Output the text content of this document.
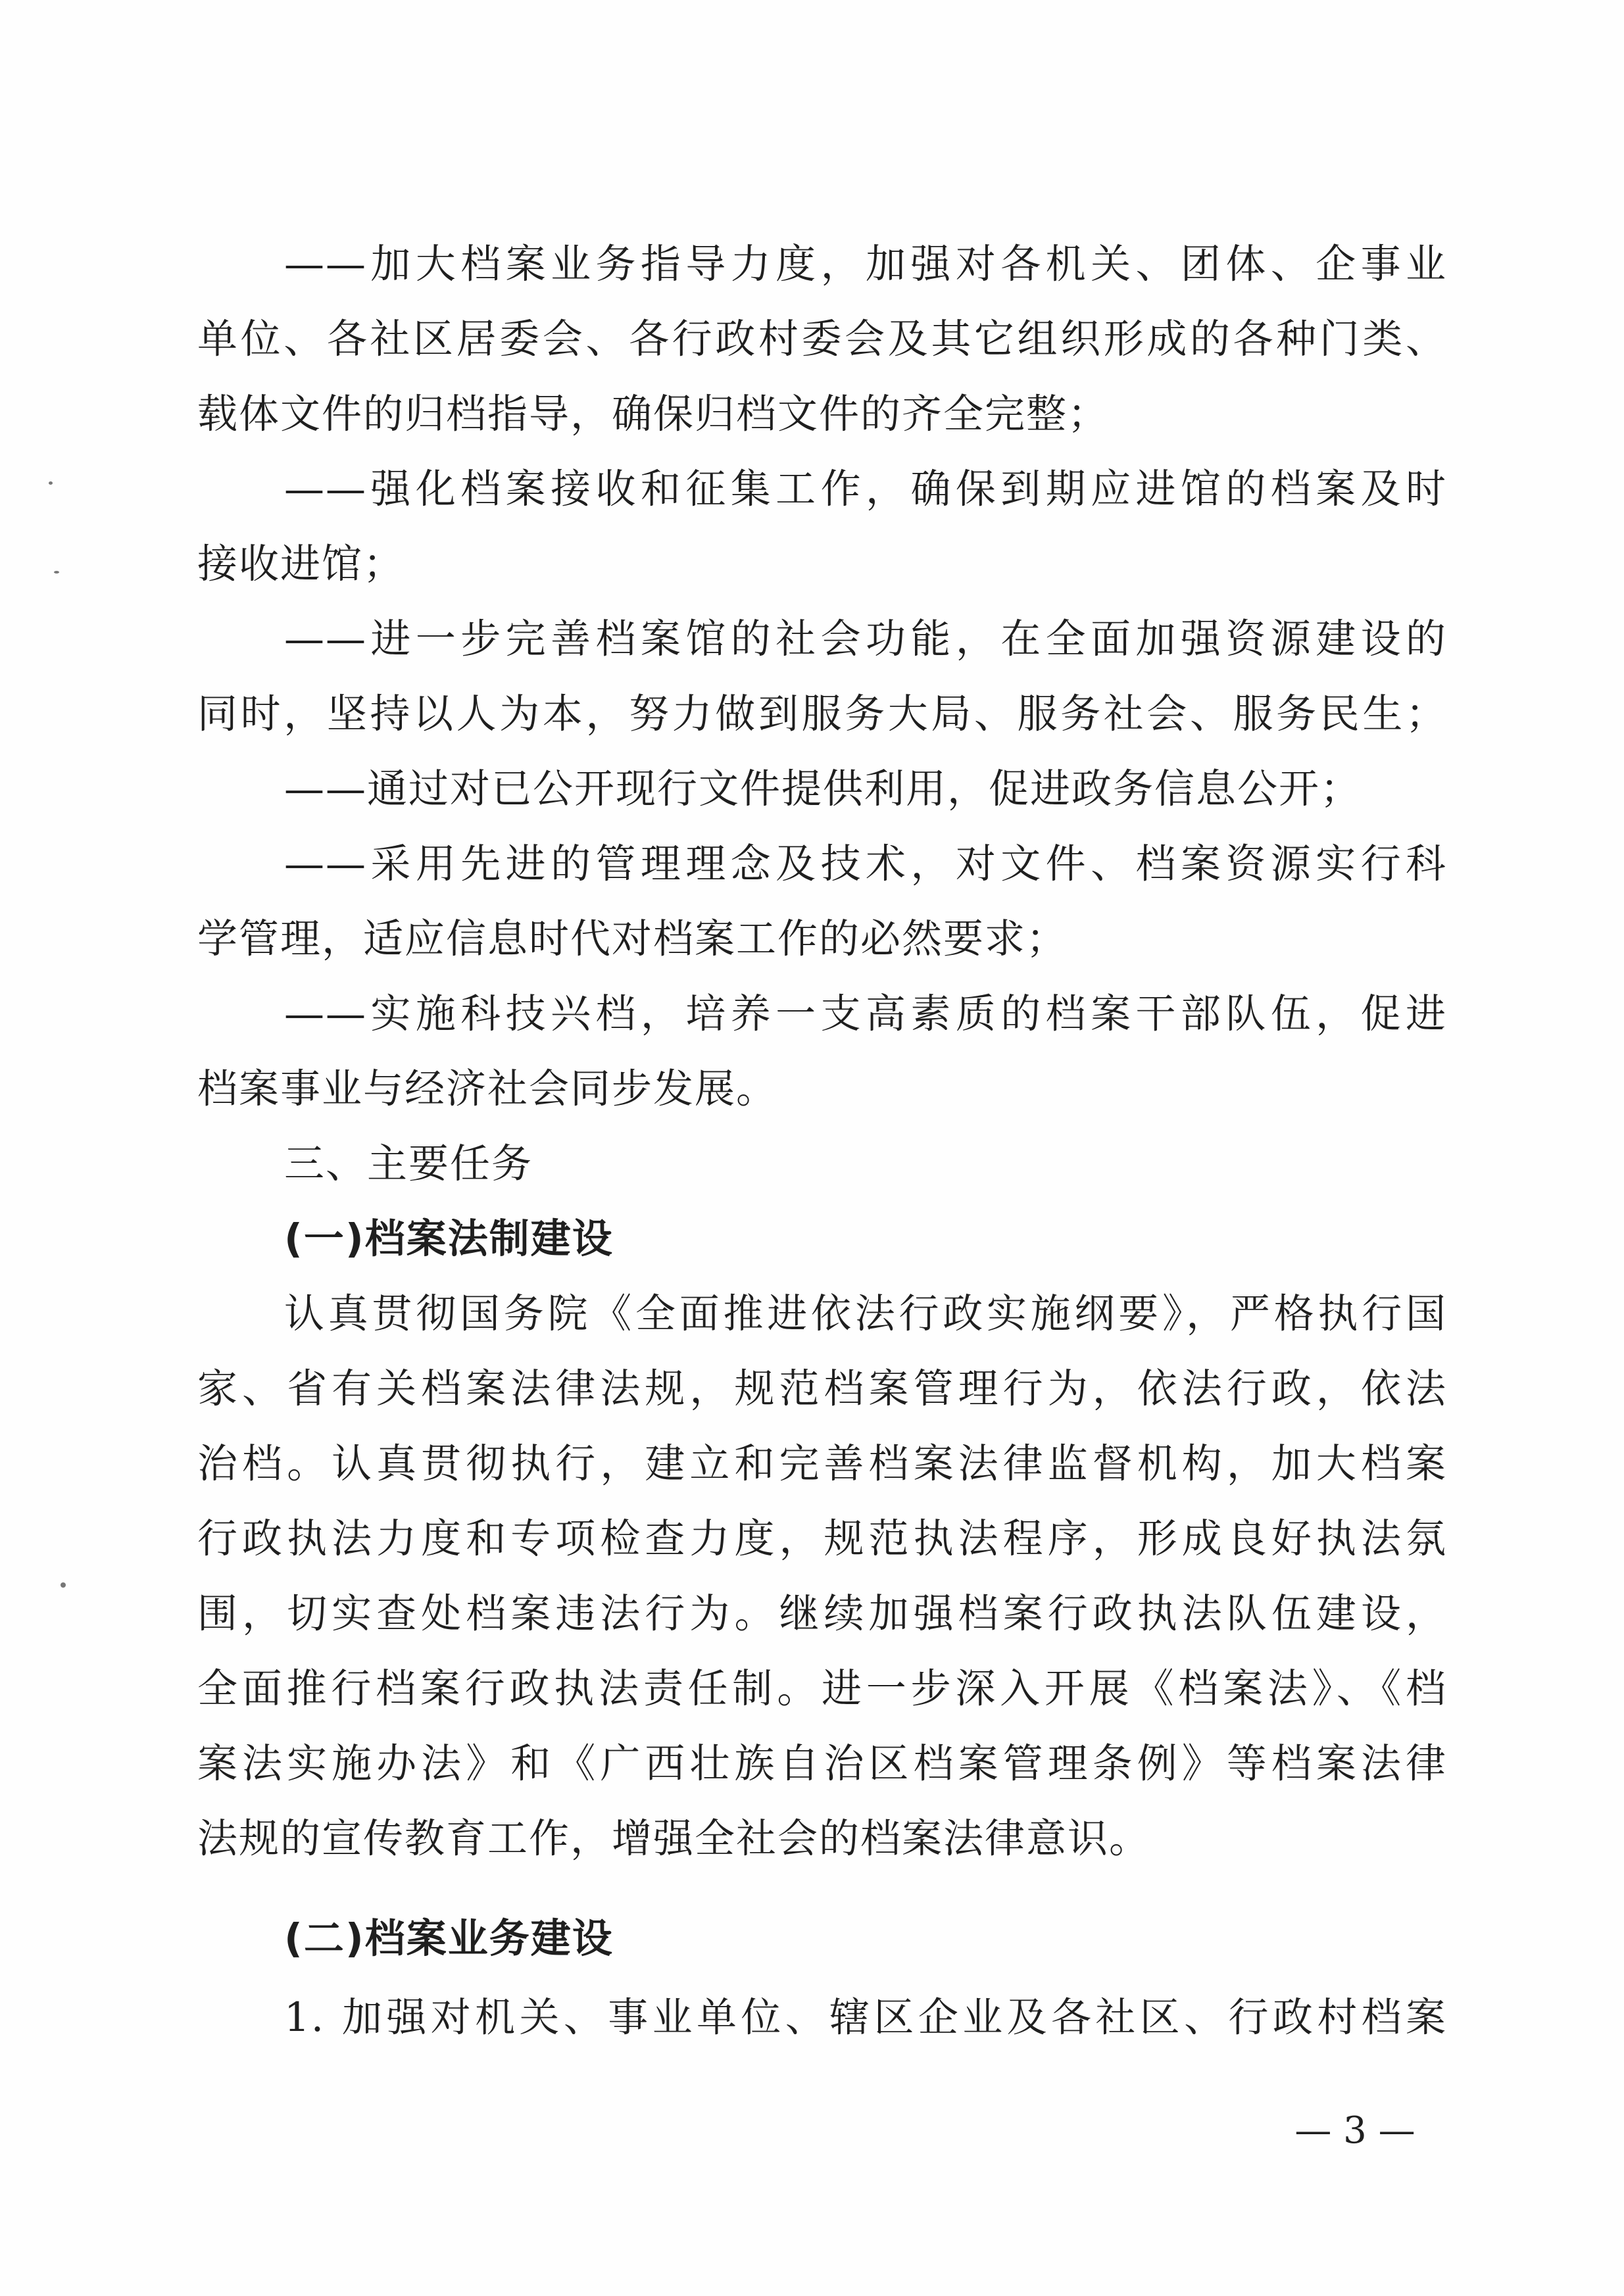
——加大档案业务指导力度，加强对各机关、团体、企事业
单位、各社区居委会、各行政村委会及其它组织形成的各种门类、
载体文件的归档指导，确保归档文件的齐全完整；
——强化档案接收和征集工作，确保到期应进馆的档案及时
接收进馆；
——进一步完善档案馆的社会功能，在全面加强资源建设的
同时，坚持以人为本，努力做到服务大局、服务社会、服务民生；
——通过对已公开现行文件提供利用，促进政务信息公开；
——采用先进的管理理念及技术，对文件、档案资源实行科
学管理，适应信息时代对档案工作的必然要求；
——实施科技兴档，培养一支高素质的档案干部队伍，促进
档案事业与经济社会同步发展。
三、主要任务
(一)档案法制建设
认真贯彻国务院《全面推进依法行政实施纲要》，严格执行国
家、省有关档案法律法规，规范档案管理行为，依法行政，依法
治档。认真贯彻执行，建立和完善档案法律监督机构，加大档案
行政执法力度和专项检查力度，规范执法程序，形成良好执法氛
围，切实查处档案违法行为。继续加强档案行政执法队伍建设，
全面推行档案行政执法责任制。进一步深入开展《档案法》、《档
案法实施办法》和《广西壮族自治区档案管理条例》等档案法律
法规的宣传教育工作，增强全社会的档案法律意识。
(二)档案业务建设
1. 加强对机关、事业单位、辖区企业及各社区、行政村档案
— 3 —
